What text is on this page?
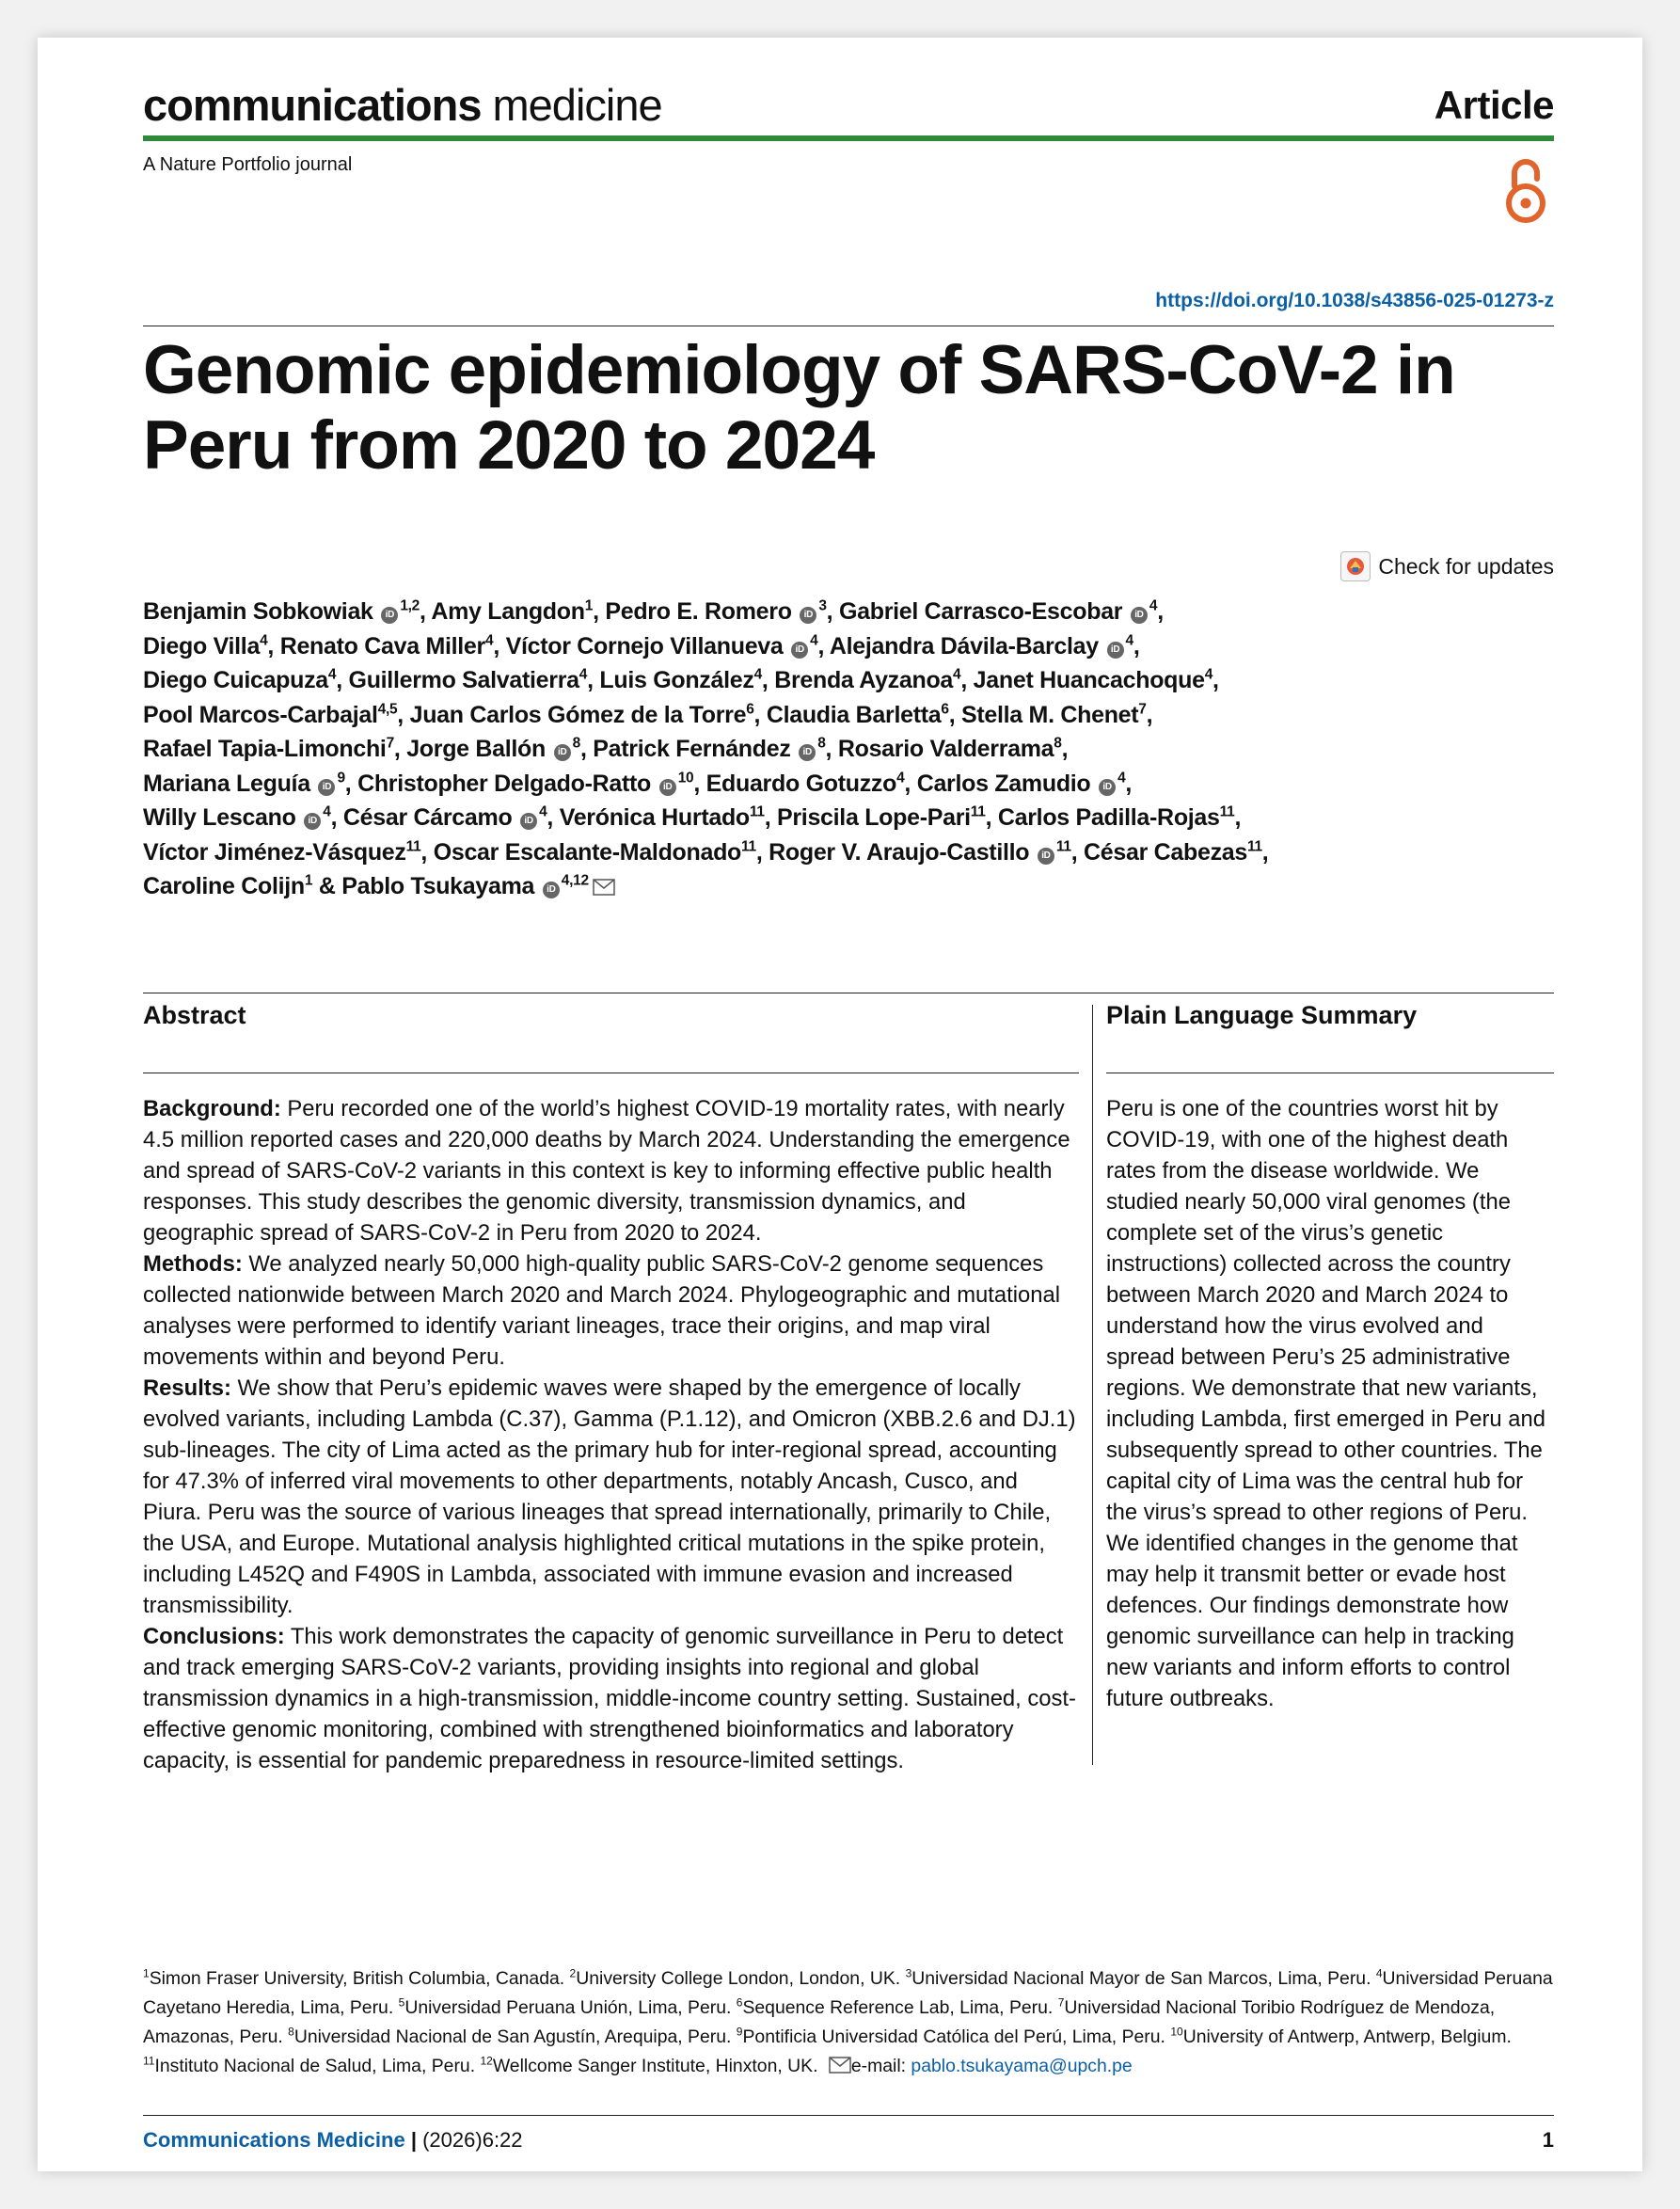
communications medicine	Article
A Nature Portfolio journal
https://doi.org/10.1038/s43856-025-01273-z
Genomic epidemiology of SARS-CoV-2 in Peru from 2020 to 2024
Check for updates
Benjamin Sobkowiak iD$^{1,2}$, Amy Langdon$^1$, Pedro E. Romero $iD^3$, Gabriel Carrasco-Escobar $iD^4$,
Diego Villa$^4$, Renato Cava Miller$^4$, Víctor Cornejo Villanueva $iD^4$, Alejandra Dávila-Barclay $iD^4$,
Diego Cuicapuza$^4$, Guillermo Salvatierra$^4$, Luis González$^4$, Brenda Ayzanoa$^4$, Janet Huancachoque$^4$,
Pool Marcos-Carbajal$^{4,5}$, Juan Carlos Gómez de la Torre$^6$, Claudia Barletta$^6$, Stella M. Chenet$^7$,
Rafael Tapia-Limonchi$^7$, Jorge Ballón $iD^8$, Patrick Fernández $iD^8$, Rosario Valderrama$^8$,
Mariana Leguía $iD^9$, Christopher Delgado-Ratto $iD^{10}$, Eduardo Gotuzzo$^4$, Carlos Zamudio $iD^4$,
Willy Lescano $iD^4$, César Cárcamo $iD^4$, Verónica Hurtado$^{11}$, Priscila Lope-Pari$^{11}$, Carlos Padilla-Rojas$^{11}$,
Víctor Jiménez-Vásquez$^{11}$, Oscar Escalante-Maldonado$^{11}$, Roger V. Araujo-Castillo $iD^{11}$, César Cabezas$^{11}$,
Caroline Colijn$^1$ & Pablo Tsukayama iD$^{4,12}$
Abstract	Plain Language Summary

Background: Peru recorded one of the world’s highest COVID-19 mortality rates, with nearly 4.5 million reported cases and 220,000 deaths by March 2024. Understanding the emergence and spread of SARS-CoV-2 variants in this context is key to informing effective public health responses. This study describes the genomic diversity, transmission dynamics, and geographic spread of SARS-CoV-2 in Peru from 2020 to 2024.

Methods: We analyzed nearly 50,000 high-quality public SARS-CoV-2 genome sequences collected nationwide between March 2020 and March 2024. Phylogeographic and mutational analyses were performed to identify variant lineages, trace their origins, and map viral movements within and beyond Peru.

Results: We show that Peru’s epidemic waves were shaped by the emergence of locally evolved variants, including Lambda (C.37), Gamma (P.1.12), and Omicron (XBB.2.6 and DJ.1) sub-lineages. The city of Lima acted as the primary hub for inter-regional spread, accounting for 47.3% of inferred viral movements to other departments, notably Ancash, Cusco, and Piura. Peru was the source of various lineages that spread internationally, primarily to Chile, the USA, and Europe. Mutational analysis highlighted critical mutations in the spike protein, including L452Q and F490S in Lambda, associated with immune evasion and increased transmissibility.

Conclusions: This work demonstrates the capacity of genomic surveillance in Peru to detect and track emerging SARS-CoV-2 variants, providing insights into regional and global transmission dynamics in a high-transmission, middle-income country setting. Sustained, cost-effective genomic monitoring, combined with strengthened bioinformatics and laboratory capacity, is essential for pandemic preparedness in resource-limited settings.

Peru is one of the countries worst hit by COVID-19, with one of the highest death rates from the disease worldwide. We studied nearly 50,000 viral genomes (the complete set of the virus’s genetic instructions) collected across the country between March 2020 and March 2024 to understand how the virus evolved and spread between Peru’s 25 administrative regions. We demonstrate that new variants, including Lambda, first emerged in Peru and subsequently spread to other countries. The capital city of Lima was the central hub for the virus’s spread to other regions of Peru. We identified changes in the genome that may help it transmit better or evade host defences. Our findings demonstrate how genomic surveillance can help in tracking new variants and inform efforts to control future outbreaks.

$^1$Simon Fraser University, British Columbia, Canada. $^2$University College London, London, UK. $^3$Universidad Nacional Mayor de San Marcos, Lima, Peru. $^4$Universidad Peruana Cayetano Heredia, Lima, Peru. $^5$Universidad Peruana Unión, Lima, Peru. $^6$Sequence Reference Lab, Lima, Peru. $^7$Universidad Nacional Toribio Rodríguez de Mendoza, Amazonas, Peru. $^8$Universidad Nacional de San Agustín, Arequipa, Peru. $^9$Pontificia Universidad Católica del Perú, Lima, Peru. $^{10}$University of Antwerp, Antwerp, Belgium. $^{11}$Instituto Nacional de Salud, Lima, Peru. $^{12}$Wellcome Sanger Institute, Hinxton, UK. e-mail: pablo.tsukayama@upch.pe

Communications Medicine | (2026)6:22	1
